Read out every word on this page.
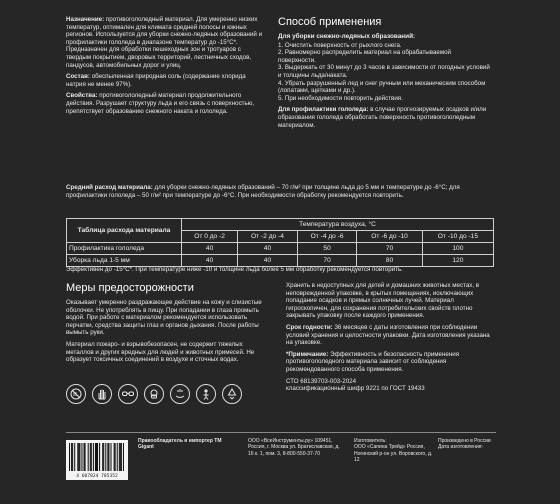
Назначение: противогололедный материал. Для умеренно низких температур, оптимален для климата средней полосы и южных регионов. Используется для уборки снежно-ледяных образований и профилактики гололеда в диапазоне температур до -15°С*. Предназначен для обработки пешеходных зон и тротуаров с твердым покрытием, дворовых территорий, лестничных сходов, пандусов, автомобильных дорог и улиц.

Состав: обеспыленная природная соль (содержание хлорида натрия не менее 97%).

Свойства: противогололедный материал продолжительного действия. Разрушает структуру льда и его связь с поверхностью, препятствует образованию снежного наката и гололеда.

Способ применения
Для уборки снежно-ледяных образований:
1. Очистить поверхность от рыхлого снега.
2. Равномерно распределить материал на обрабатываемой поверхности.
3. Выдержать от 30 минут до 3 часов в зависимости от погодных условий и толщины льда/наката.
4. Убрать разрушенный лед и снег ручным или механическим способом (лопатами, щетками и др.).
5. При необходимости повторить действия.

Для профилактики гололеда: в случае прогнозируемых осадков и/или образования гололеда обработать поверхность противогололедным материалом.

Средний расход материала: для уборки снежно-ледяных образований – 70 г/м² при толщине льда до 5 мм и температуре до -6°С; для профилактики гололеда – 50 г/м² при температуре до -6°С. При необходимости обработку рекомендуется повторить.
Таблица расхода материала	Температура воздуха, °С				
	От 0 до -2	От -2 до -4	От -4 до -6	От -6 до -10	От -10 до -15
Профилактика гололеда	40	40	50	70	100
Уборка льда 1-5 мм	40	40	70	80	120
Эффективен до -15°С*. При температуре ниже -10 и толщине льда более 5 мм обработку рекомендуется повторить.
Меры предосторожности

Оказывает умеренно раздражающее действие на кожу и слизистые оболочки. Не употреблять в пищу. При попадании в глаза промыть водой. При работе с материалом рекомендуется использовать перчатки, средства защиты глаз и органов дыхания. После работы вымыть руки.

Материал пожаро- и взрывобезопасен, не содержит тяжелых металлов и других вредных для людей и животных примесей. Не образует токсичных соединений в воздухе и сточных водах.

Хранить в недоступных для детей и домашних животных местах, в неповрежденной упаковке, в крытых помещениях, исключающих попадание осадков и прямых солнечных лучей. Материал гигроскопичен, для сохранения потребительских свойств плотно закрывать упаковку после каждого применения.

Срок годности: 36 месяцев с даты изготовления при соблюдении условий хранения и целостности упаковки. Дата изготовления указана на упаковке.

*Примечание: Эффективность и безопасность применения противогололедного материала зависит от соблюдения рекомендованного способа применения.

СТО 68139703-003-2024
классификационный шифр 9221 по ГОСТ 19433
4 607824 785352
Правообладатель и импортер ТМ Gigant
ООО «ВсеИнструменты.ру» 109451, Россия, г. Москва ул. Братиславская, д. 16 к. 1, пом. 3, 8-800-550-37-70
Изготовитель:
ООО «Сапина Трейд» Россия, Ногинский р-он ул. Воровского, д. 12
Произведено в России Дата изготовления:
